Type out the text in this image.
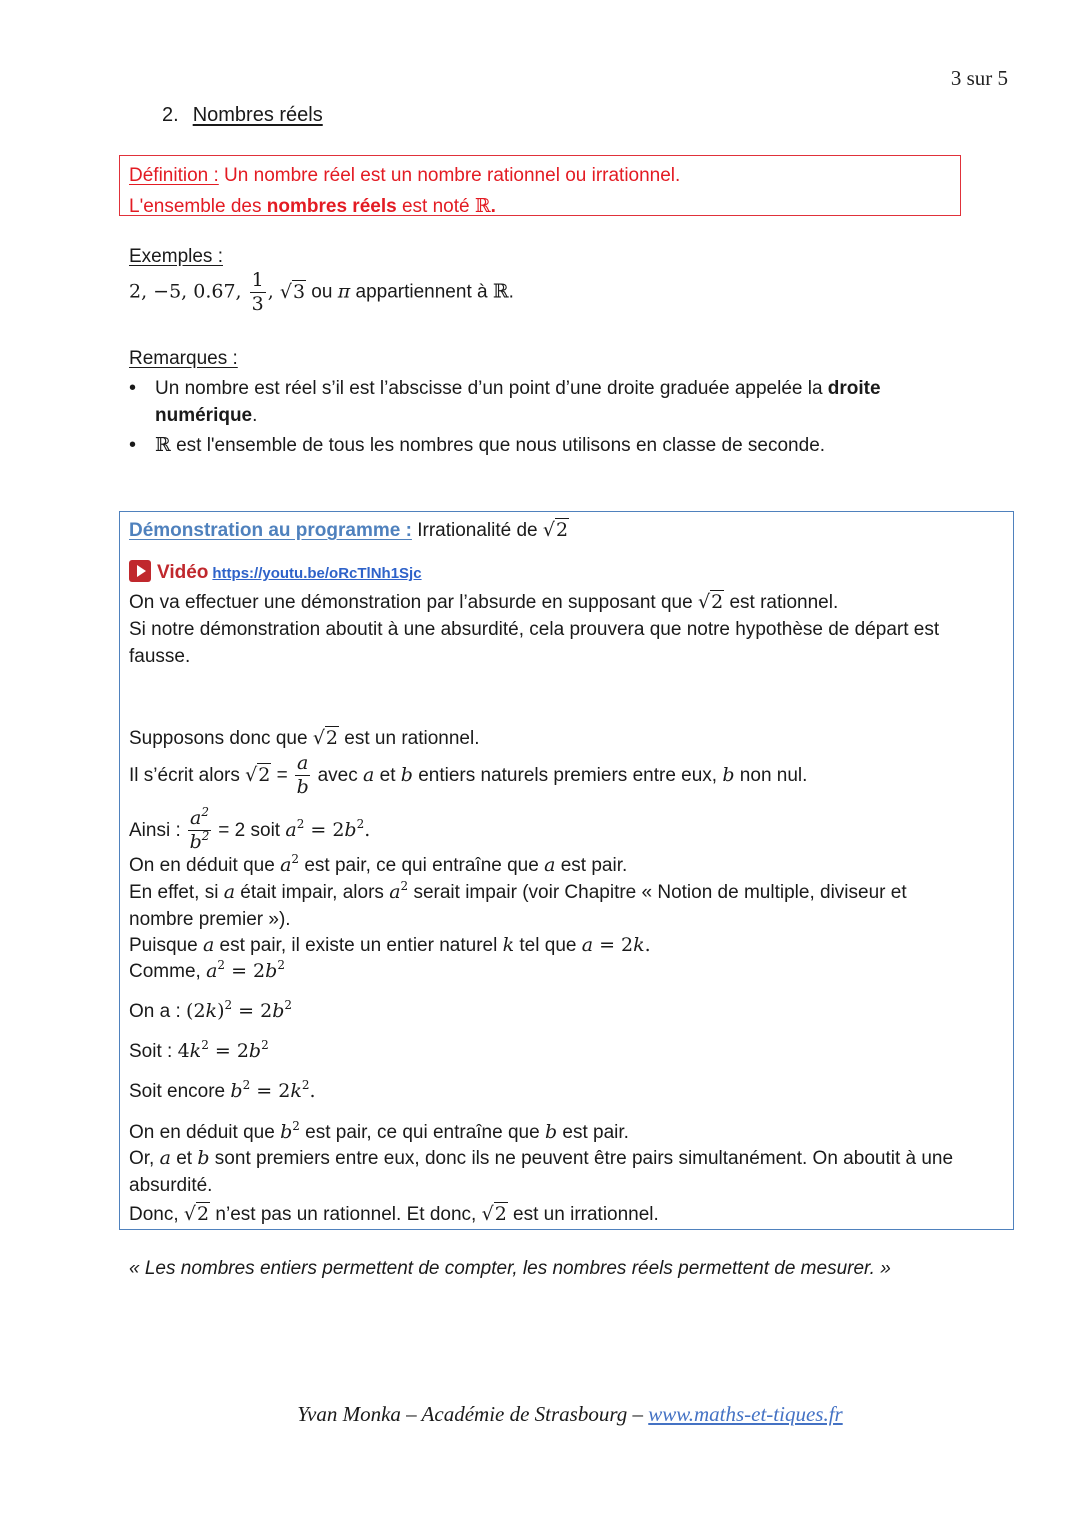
3 sur 5
2. Nombres réels
Définition : Un nombre réel est un nombre rationnel ou irrationnel.
L'ensemble des nombres réels est noté ℝ.
Exemples :
2, −5, 0.67, $\frac{1}{3}$ , √3 ou π appartiennent à ℝ.
Remarques :
• Un nombre est réel s’il est l’abscisse d’un point d’une droite graduée appelée la droite numérique.
• ℝ est l'ensemble de tous les nombres que nous utilisons en classe de seconde.
Démonstration au programme : Irrationalité de √2
Vidéo https://youtu.be/oRcTlNh1Sjc
On va effectuer une démonstration par l’absurde en supposant que √2 est rationnel.
Si notre démonstration aboutit à une absurdité, cela prouvera que notre hypothèse de départ est
fausse.
Supposons donc que √2 est un rationnel.
Il s’écrit alors $√2 = \frac{a}{b}$ avec a et b entiers naturels premiers entre eux, b non nul.
Ainsi : $\frac{a^2}{b^2} = 2$ soit $a^2 = 2b^2$.
On en déduit que $a^2$ est pair, ce qui entraîne que a est pair.
En effet, si a était impair, alors $a^2$ serait impair (voir Chapitre « Notion de multiple, diviseur et
nombre premier »).
Puisque a est pair, il existe un entier naturel k tel que a = 2k.
Comme, $a^2 = 2b^2$
On a : $(2k)^2 = 2b^2$
Soit : $4k^2 = 2b^2$
Soit encore $b^2 = 2k^2$.
On en déduit que $b^2$ est pair, ce qui entraîne que b est pair.
Or, a et b sont premiers entre eux, donc ils ne peuvent être pairs simultanément. On aboutit à une
absurdité.
Donc, √2 n’est pas un rationnel. Et donc, √2 est un irrationnel.
« Les nombres entiers permettent de compter, les nombres réels permettent de mesurer. »
Yvan Monka – Académie de Strasbourg – www.maths-et-tiques.fr
